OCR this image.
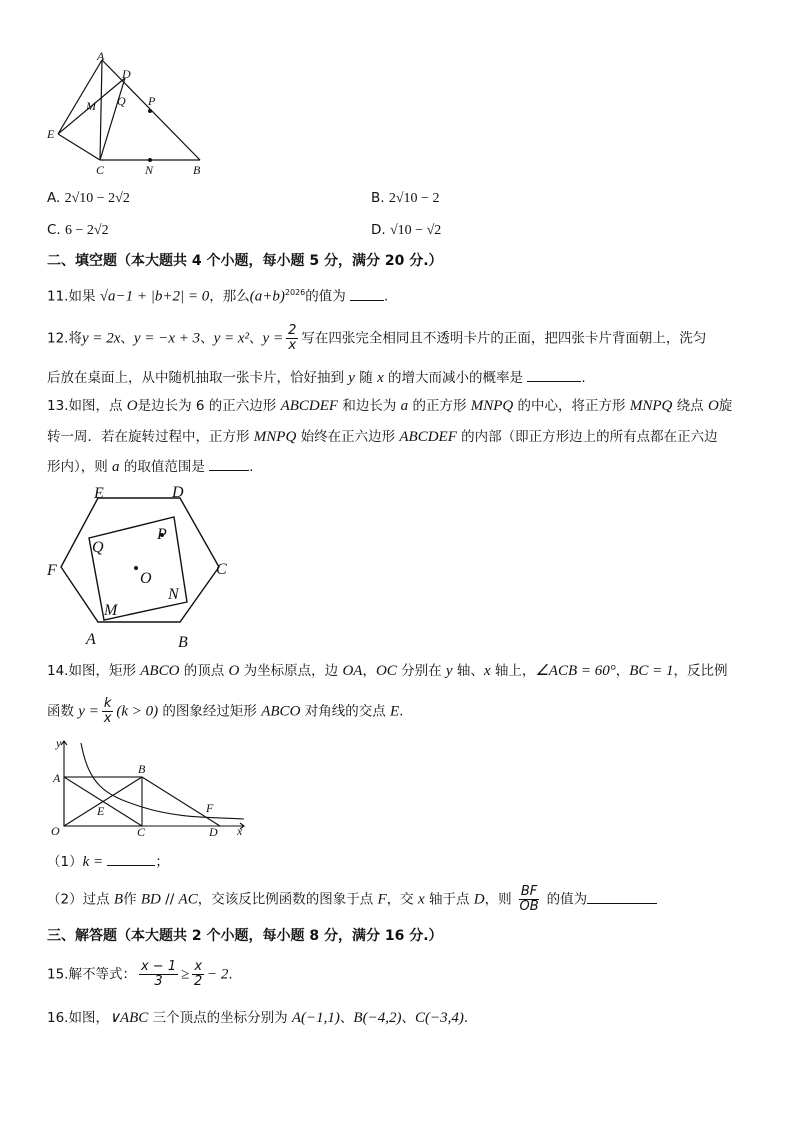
A
D
M Q P
E
C	N	B
A. 2√10 − 2√2	B. 2√10 − 2
C. 6 − 2√2	D. √10 − √2
二、填空题（本大题共 4 个小题，每小题 5 分，满分 20 分.）
11.如果 √a−1 + |b+2| = 0，那么$(a+b)^{2026}$的值为	.
12.将y = 2x、y = −x + 3、y = x²、$y = \frac{2}{x}$ 写在四张完全相同且不透明卡片的正面，把四张卡片背面朝上，洗匀
后放在桌面上，从中随机抽取一张卡片，恰好抽到 y 随 x 的增大而减小的概率是	.
13.如图，点 O是边长为 6 的正六边形 ABCDEF 和边长为 a 的正方形 MNPQ 的中心，将正方形 MNPQ 绕点 O旋
转一周．若在旋转过程中，正方形 MNPQ 始终在正六边形 ABCDEF 的内部（即正方形边上的所有点都在正六边
形内），则 a 的取值范围是	.
E	D
C
B
A
F
Q
P
O
N
M
14.如图，矩形 ABCO 的顶点 O 为坐标原点，边 OA，OC 分别在 y 轴、x 轴上，∠ACB = 60°，BC = 1，反比例
函数 $y = \frac{k}{x} (k > 0)$ 的图象经过矩形 ABCO 对角线的交点 E.
y
x
A
B
E	F
O	C	D
（1）k =	；
（2）过点 B作 BD // AC，交该反比例函数的图象于点 F，交 x 轴于点 D，则 $\frac{BF}{OB}$ 的值为
三、解答题（本大题共 2 个小题，每小题 8 分，满分 16 分.）
15.解不等式： $\frac{x - 1}{3} \ge \frac{x}{2} - 2$.
16.如图，∨ABC 三个顶点的坐标分别为 A(−1,1)、B(−4,2)、C(−3,4).
